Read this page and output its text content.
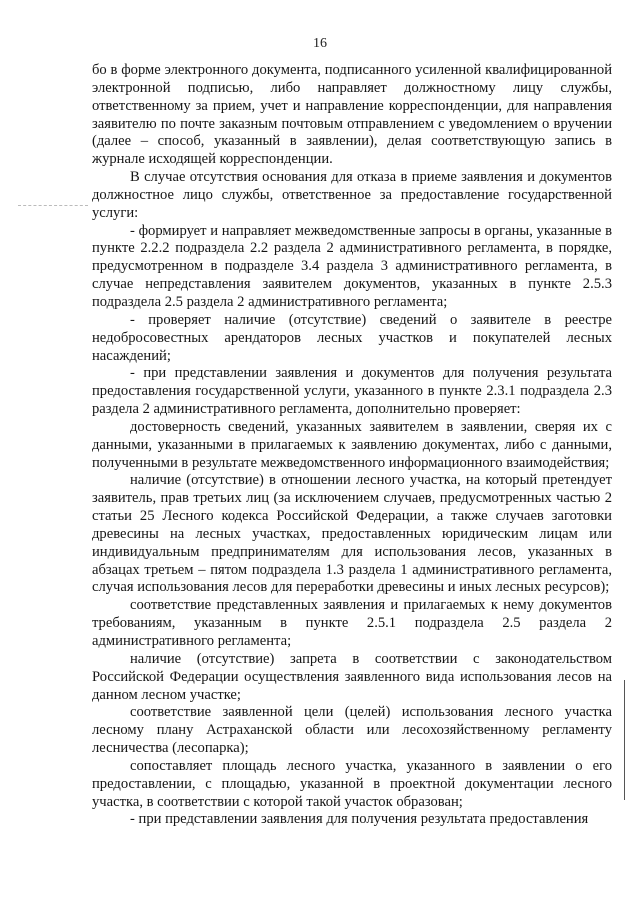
16

бо в форме электронного документа, подписанного усиленной квалифицированной электронной подписью, либо направляет должностному лицу службы, ответственному за прием, учет и направление корреспонденции, для направления заявителю по почте заказным почтовым отправлением с уведомлением о вручении (далее – способ, указанный в заявлении), делая соответствующую запись в журнале исходящей корреспонденции.

В случае отсутствия основания для отказа в приеме заявления и документов должностное лицо службы, ответственное за предоставление государственной услуги:

- формирует и направляет межведомственные запросы в органы, указанные в пункте 2.2.2 подраздела 2.2 раздела 2 административного регламента, в порядке, предусмотренном в подразделе 3.4 раздела 3 административного регламента, в случае непредставления заявителем документов, указанных в пункте 2.5.3 подраздела 2.5 раздела 2 административного регламента;

- проверяет наличие (отсутствие) сведений о заявителе в реестре недобросовестных арендаторов лесных участков и покупателей лесных насаждений;

- при представлении заявления и документов для получения результата предоставления государственной услуги, указанного в пункте 2.3.1 подраздела 2.3 раздела 2 административного регламента, дополнительно проверяет:

достоверность сведений, указанных заявителем в заявлении, сверяя их с данными, указанными в прилагаемых к заявлению документах, либо с данными, полученными в результате межведомственного информационного взаимодействия;

наличие (отсутствие) в отношении лесного участка, на который претендует заявитель, прав третьих лиц (за исключением случаев, предусмотренных частью 2 статьи 25 Лесного кодекса Российской Федерации, а также случаев заготовки древесины на лесных участках, предоставленных юридическим лицам или индивидуальным предпринимателям для использования лесов, указанных в абзацах третьем – пятом подраздела 1.3 раздела 1 административного регламента, случая использования лесов для переработки древесины и иных лесных ресурсов);

соответствие представленных заявления и прилагаемых к нему документов требованиям, указанным в пункте 2.5.1 подраздела 2.5 раздела 2 административного регламента;

наличие (отсутствие) запрета в соответствии с законодательством Российской Федерации осуществления заявленного вида использования лесов на данном лесном участке;

соответствие заявленной цели (целей) использования лесного участка лесному плану Астраханской области или лесохозяйственному регламенту лесничества (лесопарка);

сопоставляет площадь лесного участка, указанного в заявлении о его предоставлении, с площадью, указанной в проектной документации лесного участка, в соответствии с которой такой участок образован;

- при представлении заявления для получения результата предоставления
